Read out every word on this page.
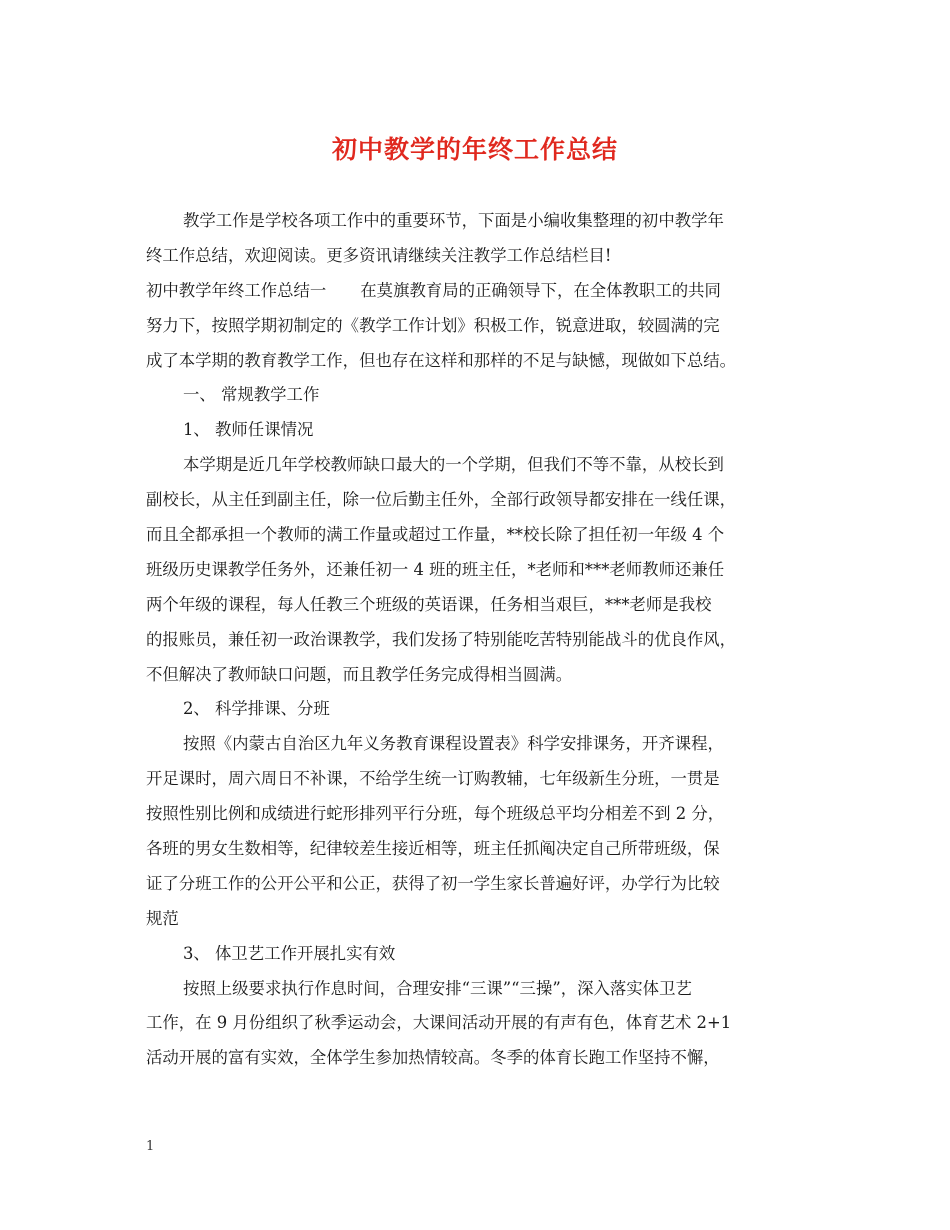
初中教学的年终工作总结
教学工作是学校各项工作中的重要环节，下面是小编收集整理的初中教学年
终工作总结，欢迎阅读。更多资讯请继续关注教学工作总结栏目!
初中教学年终工作总结一 在莫旗教育局的正确领导下，在全体教职工的共同
努力下，按照学期初制定的《教学工作计划》积极工作，锐意进取，较圆满的完
成了本学期的教育教学工作，但也存在这样和那样的不足与缺憾，现做如下总结。
一、 常规教学工作
1、 教师任课情况
本学期是近几年学校教师缺口最大的一个学期，但我们不等不靠，从校长到
副校长，从主任到副主任，除一位后勤主任外，全部行政领导都安排在一线任课，
而且全都承担一个教师的满工作量或超过工作量，**校长除了担任初一年级 4 个
班级历史课教学任务外，还兼任初一 4 班的班主任，*老师和***老师教师还兼任
两个年级的课程，每人任教三个班级的英语课，任务相当艰巨，***老师是我校
的报账员，兼任初一政治课教学，我们发扬了特别能吃苦特别能战斗的优良作风，
不但解决了教师缺口问题，而且教学任务完成得相当圆满。
2、 科学排课、分班
按照《内蒙古自治区九年义务教育课程设置表》科学安排课务，开齐课程，
开足课时，周六周日不补课，不给学生统一订购教辅，七年级新生分班，一贯是
按照性别比例和成绩进行蛇形排列平行分班，每个班级总平均分相差不到 2 分，
各班的男女生数相等，纪律较差生接近相等，班主任抓阄决定自己所带班级，保
证了分班工作的公开公平和公正，获得了初一学生家长普遍好评，办学行为比较
规范
3、 体卫艺工作开展扎实有效
按照上级要求执行作息时间，合理安排“三课”“三操”，深入落实体卫艺
工作，在 9 月份组织了秋季运动会，大课间活动开展的有声有色，体育艺术 2+1
活动开展的富有实效，全体学生参加热情较高。冬季的体育长跑工作坚持不懈，
1
